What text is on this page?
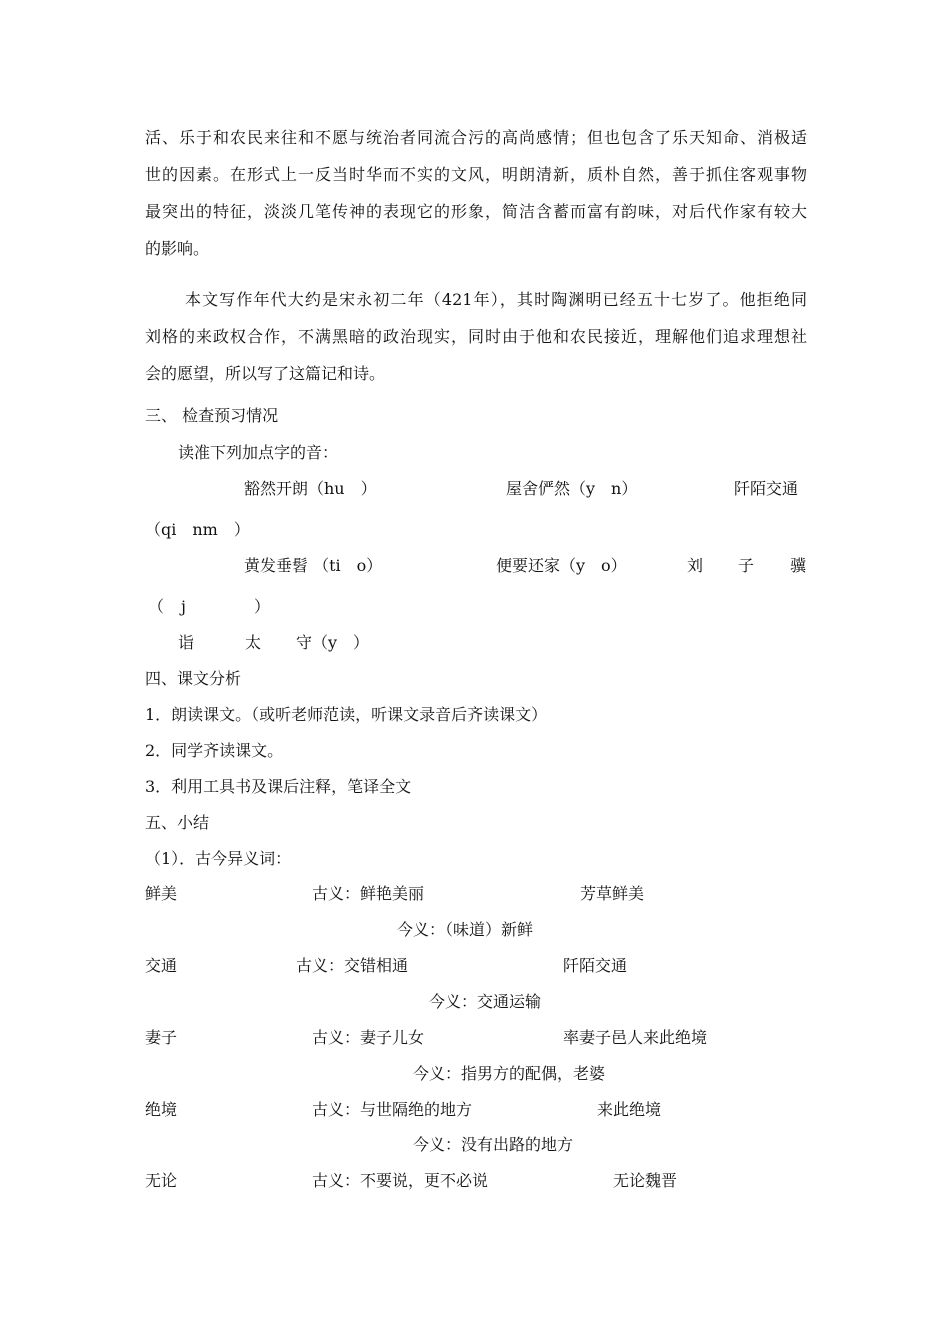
活、乐于和农民来往和不愿与统治者同流合污的高尚感情；但也包含了乐天知命、消极适
世的因素。在形式上一反当时华而不实的文风，明朗清新，质朴自然，善于抓住客观事物
最突出的特征，淡淡几笔传神的表现它的形象，简洁含蓄而富有韵味，对后代作家有较大
的影响。
本文写作年代大约是宋永初二年（421年），其时陶渊明已经五十七岁了。他拒绝同
刘格的来政权合作，不满黑暗的政治现实，同时由于他和农民接近，理解他们追求理想社
会的愿望，所以写了这篇记和诗。
三、 检查预习情况
读准下列加点字的音：
豁然开朗（hu　）	屋舍俨然（y　n）	阡陌交通
（qi　nm　）
黄发垂髫 （ti　o）	便要还家（y　o）	刘 子 骥
（ j	）
诣	太 守（y　）
四、课文分析
1．朗读课文。（或听老师范读，听课文录音后齐读课文）
2．同学齐读课文。
3．利用工具书及课后注释，笔译全文
五、小结
（1）．古今异义词：
鲜美	古义：鲜艳美丽	芳草鲜美
今义：（味道）新鲜
交通	古义：交错相通	阡陌交通
今义：交通运输
妻子	古义：妻子儿女	率妻子邑人来此绝境
今义：指男方的配偶，老婆
绝境	古义：与世隔绝的地方	来此绝境
今义：没有出路的地方
无论	古义：不要说，更不必说	无论魏晋
